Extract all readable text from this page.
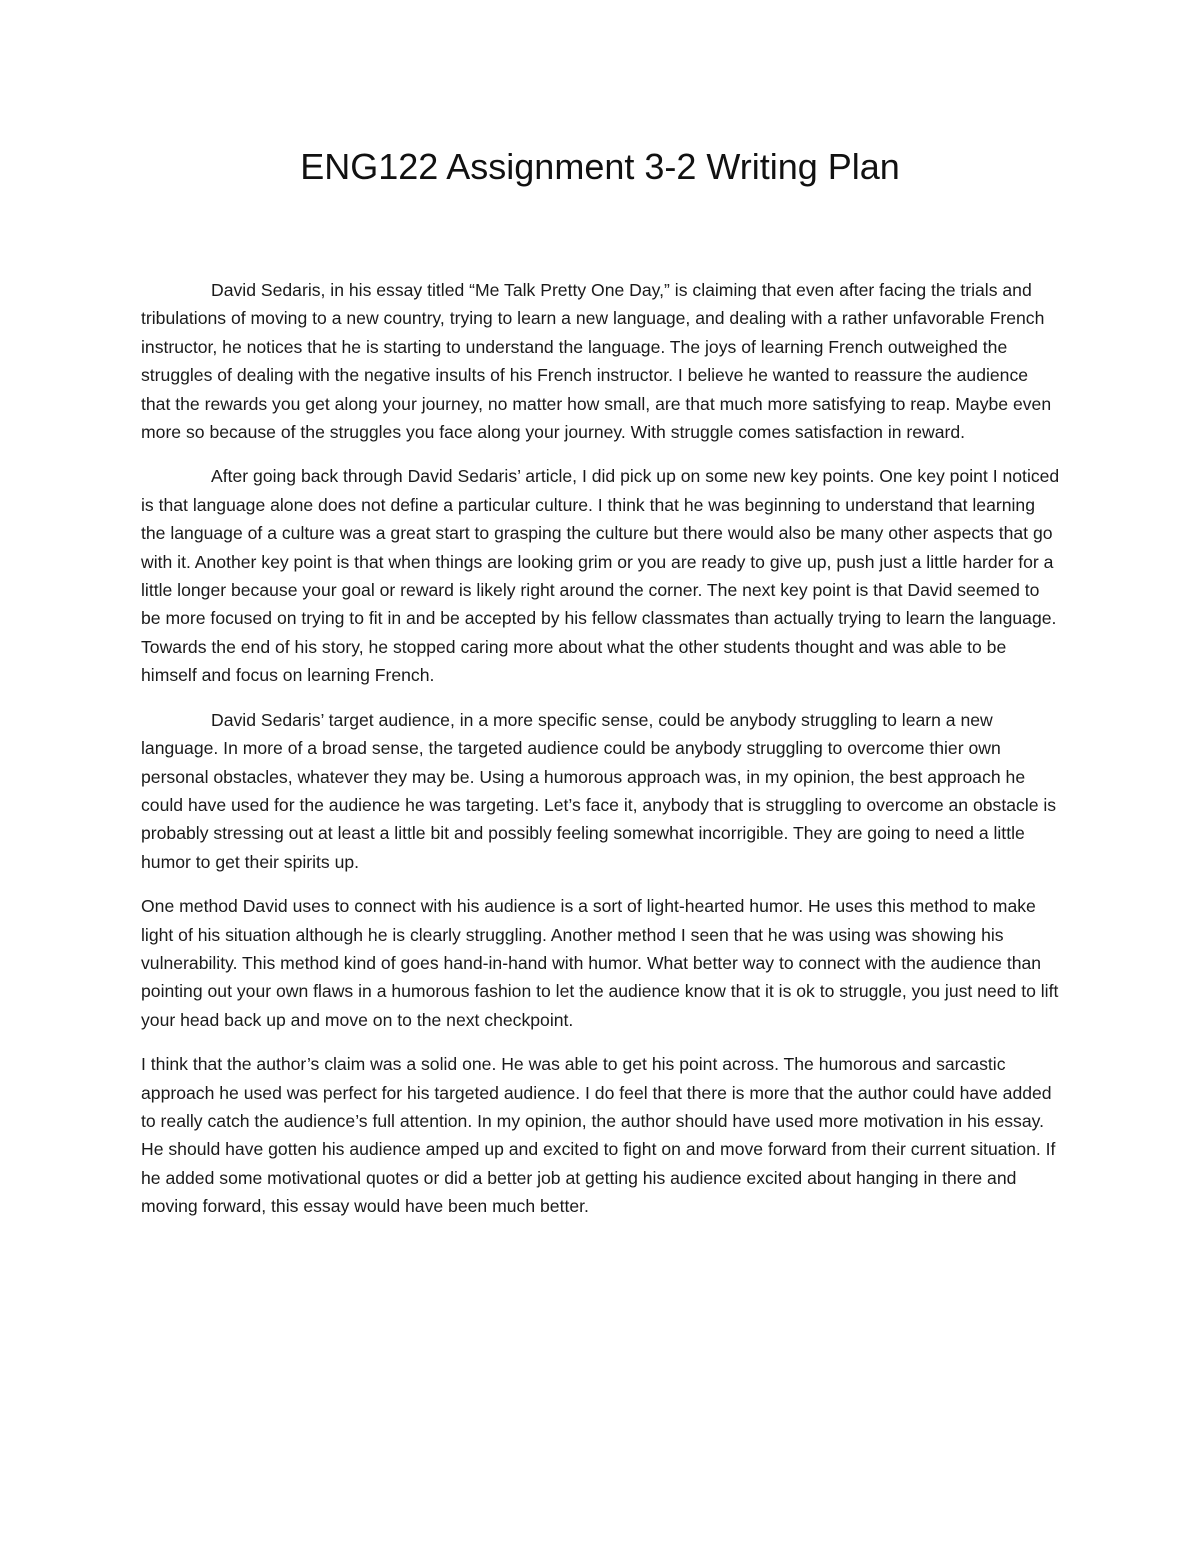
ENG122 Assignment 3-2 Writing Plan

David Sedaris, in his essay titled “Me Talk Pretty One Day,” is claiming that even after facing the trials and tribulations of moving to a new country, trying to learn a new language, and dealing with a rather unfavorable French instructor, he notices that he is starting to understand the language. The joys of learning French outweighed the struggles of dealing with the negative insults of his French instructor. I believe he wanted to reassure the audience that the rewards you get along your journey, no matter how small, are that much more satisfying to reap. Maybe even more so because of the struggles you face along your journey. With struggle comes satisfaction in reward.

After going back through David Sedaris’ article, I did pick up on some new key points. One key point I noticed is that language alone does not define a particular culture. I think that he was beginning to understand that learning the language of a culture was a great start to grasping the culture but there would also be many other aspects that go with it. Another key point is that when things are looking grim or you are ready to give up, push just a little harder for a little longer because your goal or reward is likely right around the corner. The next key point is that David seemed to be more focused on trying to fit in and be accepted by his fellow classmates than actually trying to learn the language. Towards the end of his story, he stopped caring more about what the other students thought and was able to be himself and focus on learning French.

David Sedaris’ target audience, in a more specific sense, could be anybody struggling to learn a new language. In more of a broad sense, the targeted audience could be anybody struggling to overcome thier own personal obstacles, whatever they may be. Using a humorous approach was, in my opinion, the best approach he could have used for the audience he was targeting. Let’s face it, anybody that is struggling to overcome an obstacle is probably stressing out at least a little bit and possibly feeling somewhat incorrigible. They are going to need a little humor to get their spirits up.

One method David uses to connect with his audience is a sort of light-hearted humor. He uses this method to make light of his situation although he is clearly struggling. Another method I seen that he was using was showing his vulnerability. This method kind of goes hand-in-hand with humor. What better way to connect with the audience than pointing out your own flaws in a humorous fashion to let the audience know that it is ok to struggle, you just need to lift your head back up and move on to the next checkpoint.

I think that the author’s claim was a solid one. He was able to get his point across. The humorous and sarcastic approach he used was perfect for his targeted audience. I do feel that there is more that the author could have added to really catch the audience’s full attention. In my opinion, the author should have used more motivation in his essay. He should have gotten his audience amped up and excited to fight on and move forward from their current situation. If he added some motivational quotes or did a better job at getting his audience excited about hanging in there and moving forward, this essay would have been much better.
